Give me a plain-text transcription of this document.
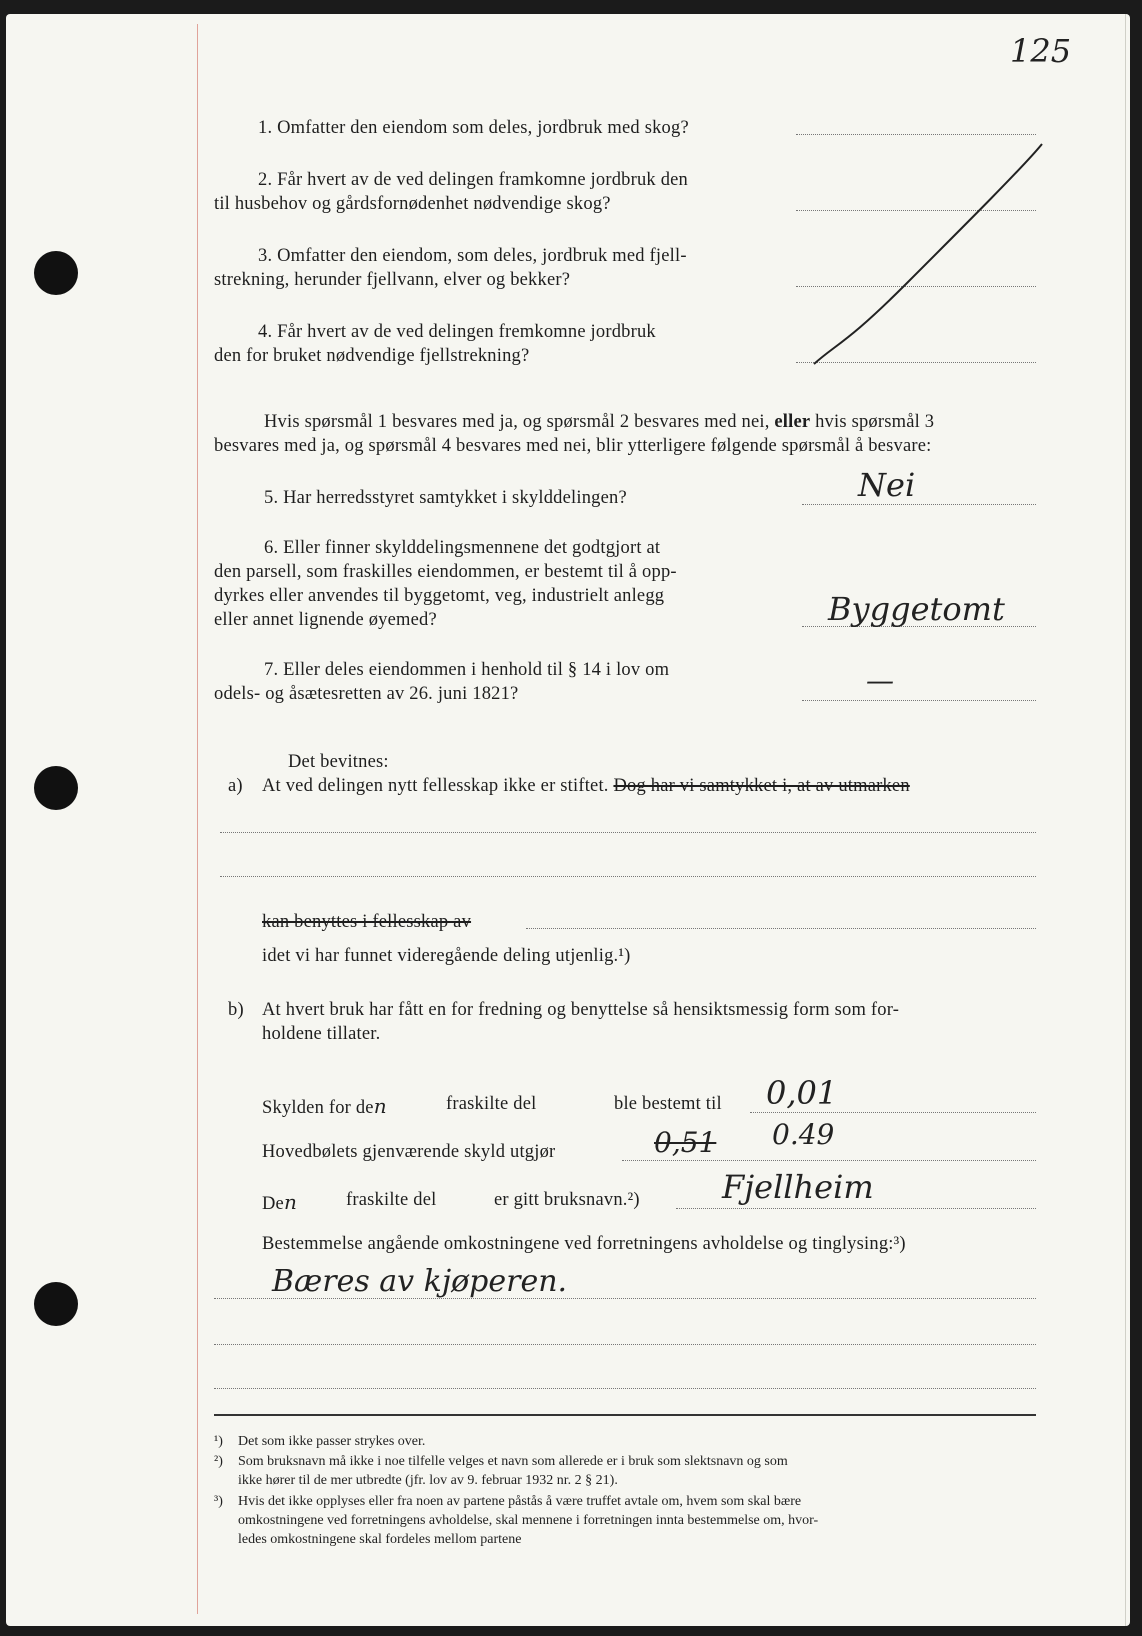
125
1. Omfatter den eiendom som deles, jordbruk med skog?
2. Får hvert av de ved delingen framkomne jordbruk den
til husbehov og gårdsfornødenhet nødvendige skog?
3. Omfatter den eiendom, som deles, jordbruk med fjell-
strekning, herunder fjellvann, elver og bekker?
4. Får hvert av de ved delingen fremkomne jordbruk
den for bruket nødvendige fjellstrekning?
Hvis spørsmål 1 besvares med ja, og spørsmål 2 besvares med nei, eller hvis spørsmål 3
besvares med ja, og spørsmål 4 besvares med nei, blir ytterligere følgende spørsmål å besvare:
5. Har herredsstyret samtykket i skylddelingen?	Nei
6. Eller finner skylddelingsmennene det godtgjort at
den parsell, som fraskilles eiendommen, er bestemt til å opp-
dyrkes eller anvendes til byggetomt, veg, industrielt anlegg
eller annet lignende øyemed?	Byggetomt
7. Eller deles eiendommen i henhold til § 14 i lov om
odels- og åsætesretten av 26. juni 1821?	—
Det bevitnes:
a) At ved delingen nytt fellesskap ikke er stiftet. Dog har vi samtykket i, at av utmarken
kan benyttes i fellesskap av
idet vi har funnet videregående deling utjenlig.¹)
b) At hvert bruk har fått en for fredning og benyttelse så hensiktsmessig form som for-
holdene tillater.
Skylden for den	fraskilte del	ble bestemt til 0,01
Hovedbølets gjenværende skyld utgjør	0,51 0.49
Den	fraskilte del	er gitt bruksnavn.²)	Fjellheim
Bestemmelse angående omkostningene ved forretningens avholdelse og tinglysing:³)
Bæres av kjøperen.
¹) Det som ikke passer strykes over.
²) Som bruksnavn må ikke i noe tilfelle velges et navn som allerede er i bruk som slektsnavn og som
ikke hører til de mer utbredte (jfr. lov av 9. februar 1932 nr. 2 § 21).
³) Hvis det ikke opplyses eller fra noen av partene påstås å være truffet avtale om, hvem som skal bære
omkostningene ved forretningens avholdelse, skal mennene i forretningen innta bestemmelse om, hvor-
ledes omkostningene skal fordeles mellom partene
